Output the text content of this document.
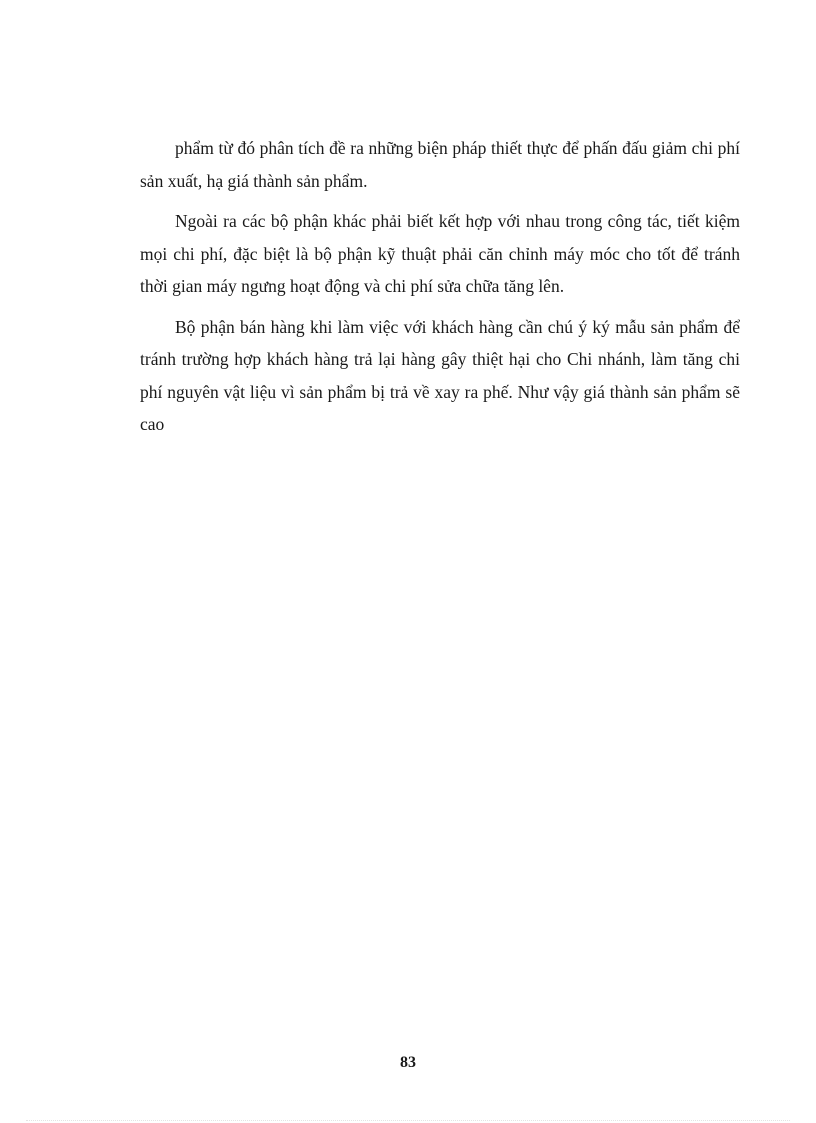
phẩm từ đó phân tích đề ra những biện pháp thiết thực để phấn đấu giảm chi phí sản xuất, hạ giá thành sản phẩm.

Ngoài ra các bộ phận khác phải biết kết hợp với nhau trong công tác, tiết kiệm mọi chi phí, đặc biệt là bộ phận kỹ thuật phải căn chỉnh máy móc cho tốt để tránh thời gian máy ngưng hoạt động và chi phí sửa chữa tăng lên.

Bộ phận bán hàng khi làm việc với khách hàng cần chú ý ký mẫu sản phẩm để tránh trường hợp khách hàng trả lại hàng gây thiệt hại cho Chi nhánh, làm tăng chi phí nguyên vật liệu vì sản phẩm bị trả về xay ra phế. Như vậy giá thành sản phẩm sẽ cao

83
